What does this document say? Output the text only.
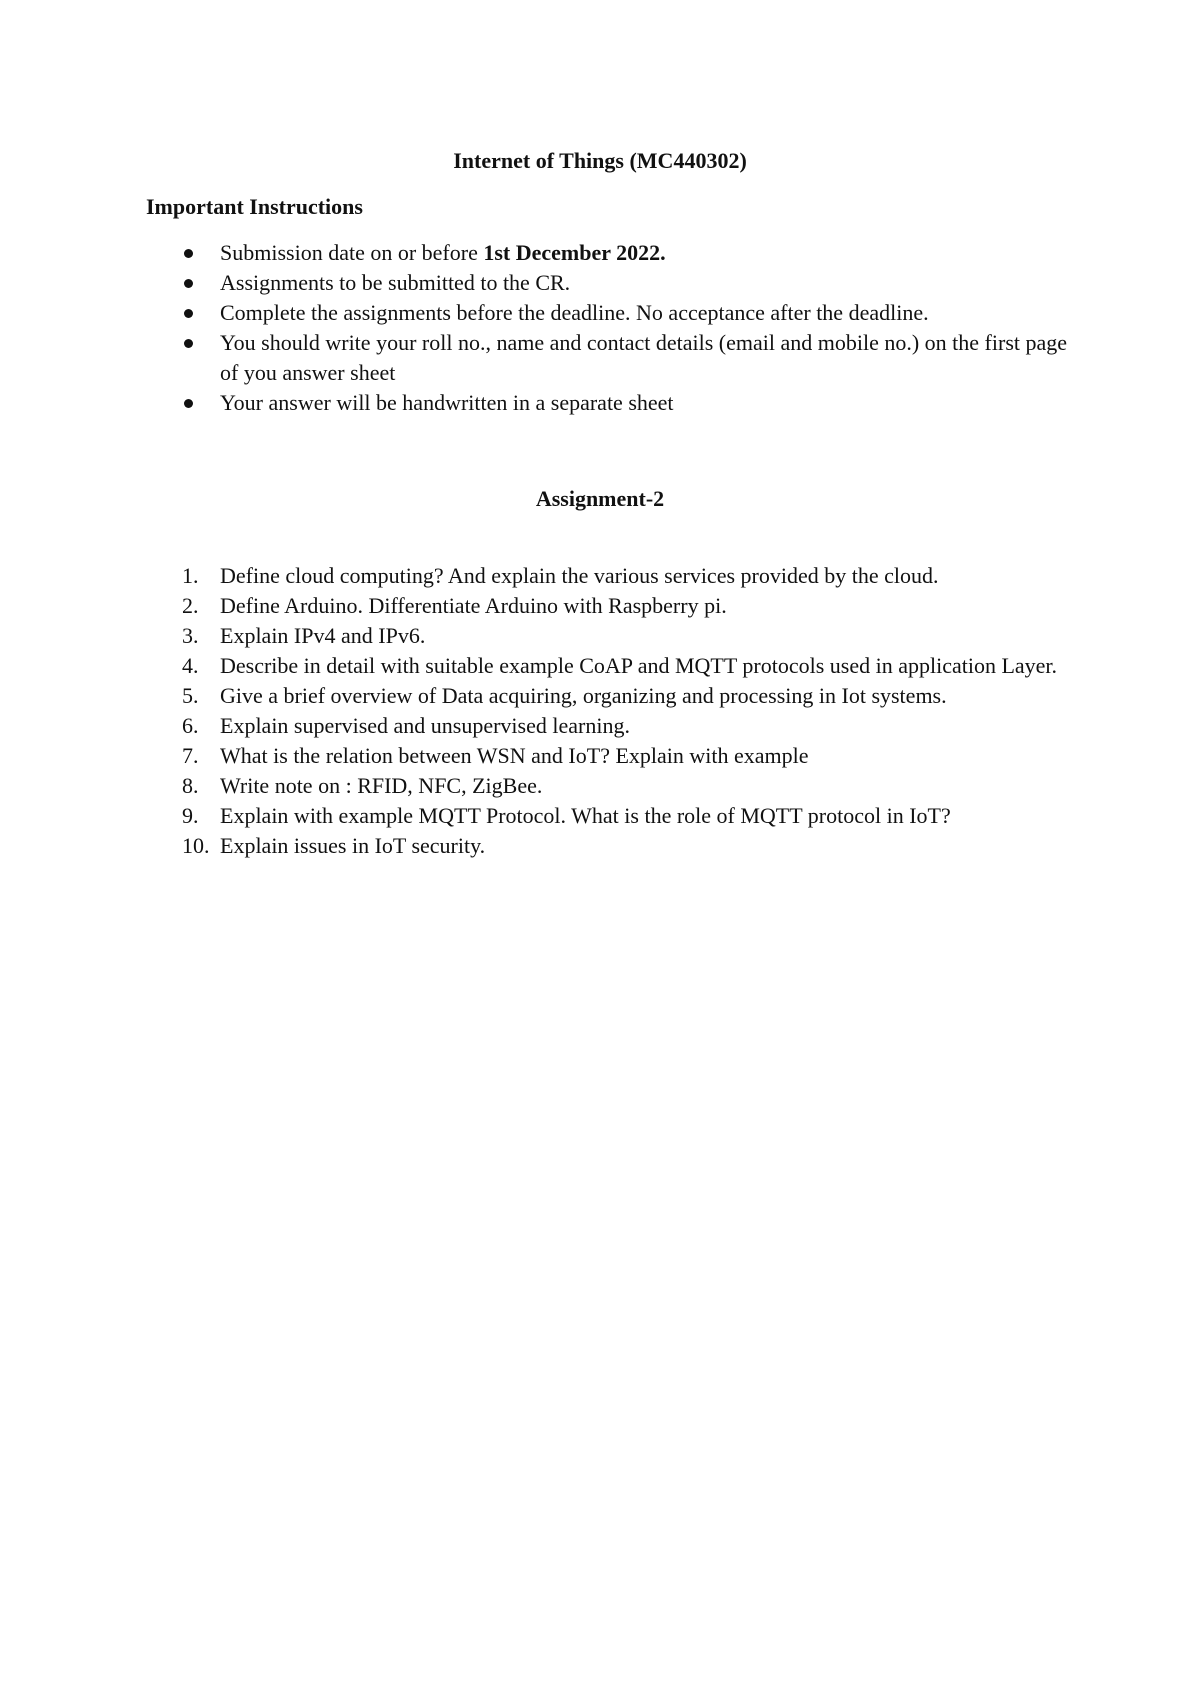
Internet of Things (MC440302)
Important Instructions
Submission date on or before 1st December 2022.
Assignments to be submitted to the CR.
Complete the assignments before the deadline. No acceptance after the deadline.
You should write your roll no., name and contact details (email and mobile no.) on the first page of you answer sheet
Your answer will be handwritten in a separate sheet
Assignment-2
1. Define cloud computing? And explain the various services provided by the cloud.
2. Define Arduino. Differentiate Arduino with Raspberry pi.
3. Explain IPv4 and IPv6.
4. Describe in detail with suitable example CoAP and MQTT protocols used in application Layer.
5. Give a brief overview of Data acquiring, organizing and processing in Iot systems.
6. Explain supervised and unsupervised learning.
7. What is the relation between WSN and IoT? Explain with example
8. Write note on : RFID, NFC, ZigBee.
9. Explain with example MQTT Protocol. What is the role of MQTT protocol in IoT?
10. Explain issues in IoT security.
